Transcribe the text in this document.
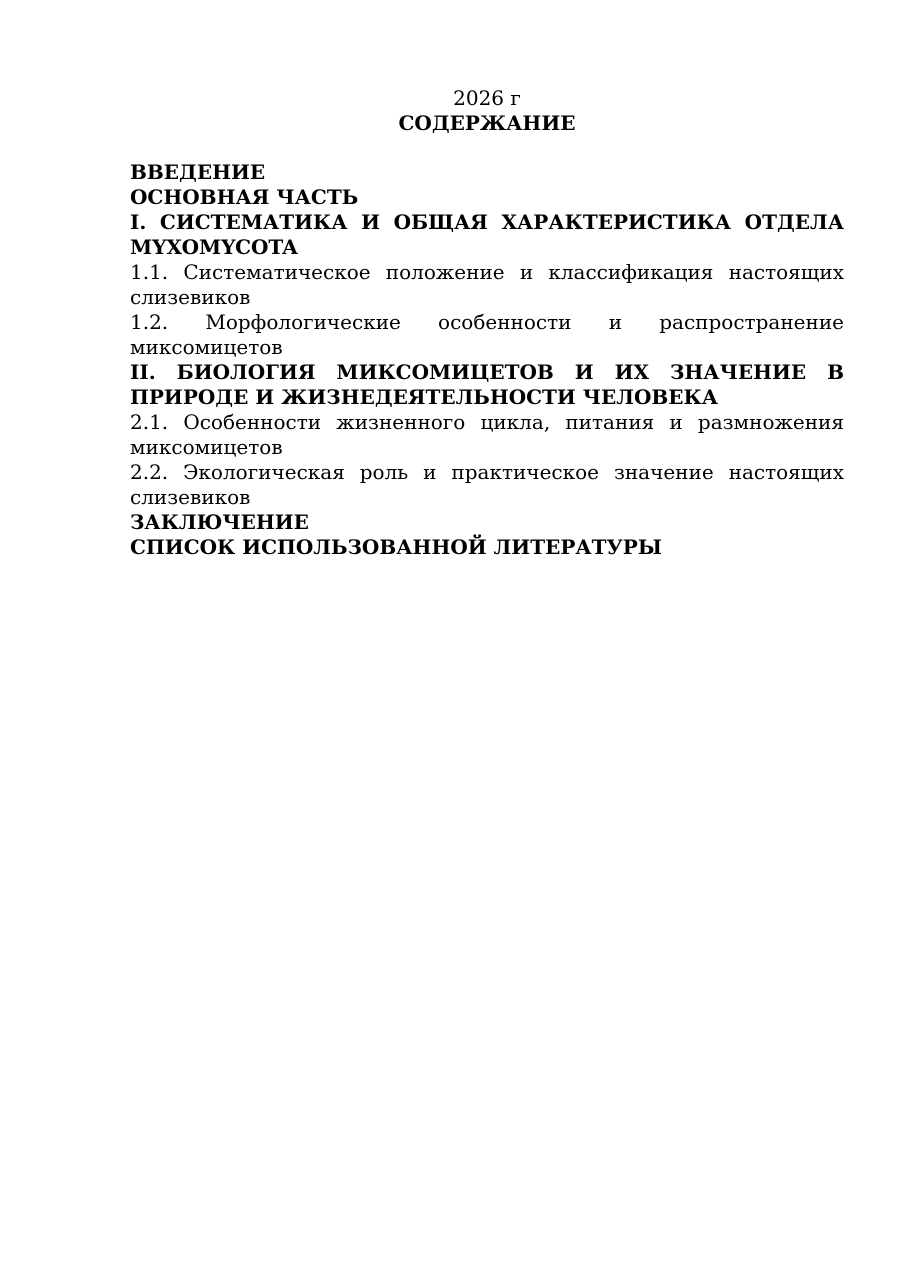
2026 г

СОДЕРЖАНИЕ

ВВЕДЕНИЕ
ОСНОВНАЯ ЧАСТЬ
I. СИСТЕМАТИКА И ОБЩАЯ ХАРАКТЕРИСТИКА ОТДЕЛА MYXOMYCOTA
1.1. Систематическое положение и классификация настоящих слизевиков
1.2. Морфологические особенности и распространение миксомицетов
II. БИОЛОГИЯ МИКСОМИЦЕТОВ И ИХ ЗНАЧЕНИЕ В ПРИРОДЕ И ЖИЗНЕДЕЯТЕЛЬНОСТИ ЧЕЛОВЕКА
2.1. Особенности жизненного цикла, питания и размножения миксомицетов
2.2. Экологическая роль и практическое значение настоящих слизевиков
ЗАКЛЮЧЕНИЕ
СПИСОК ИСПОЛЬЗОВАННОЙ ЛИТЕРАТУРЫ
